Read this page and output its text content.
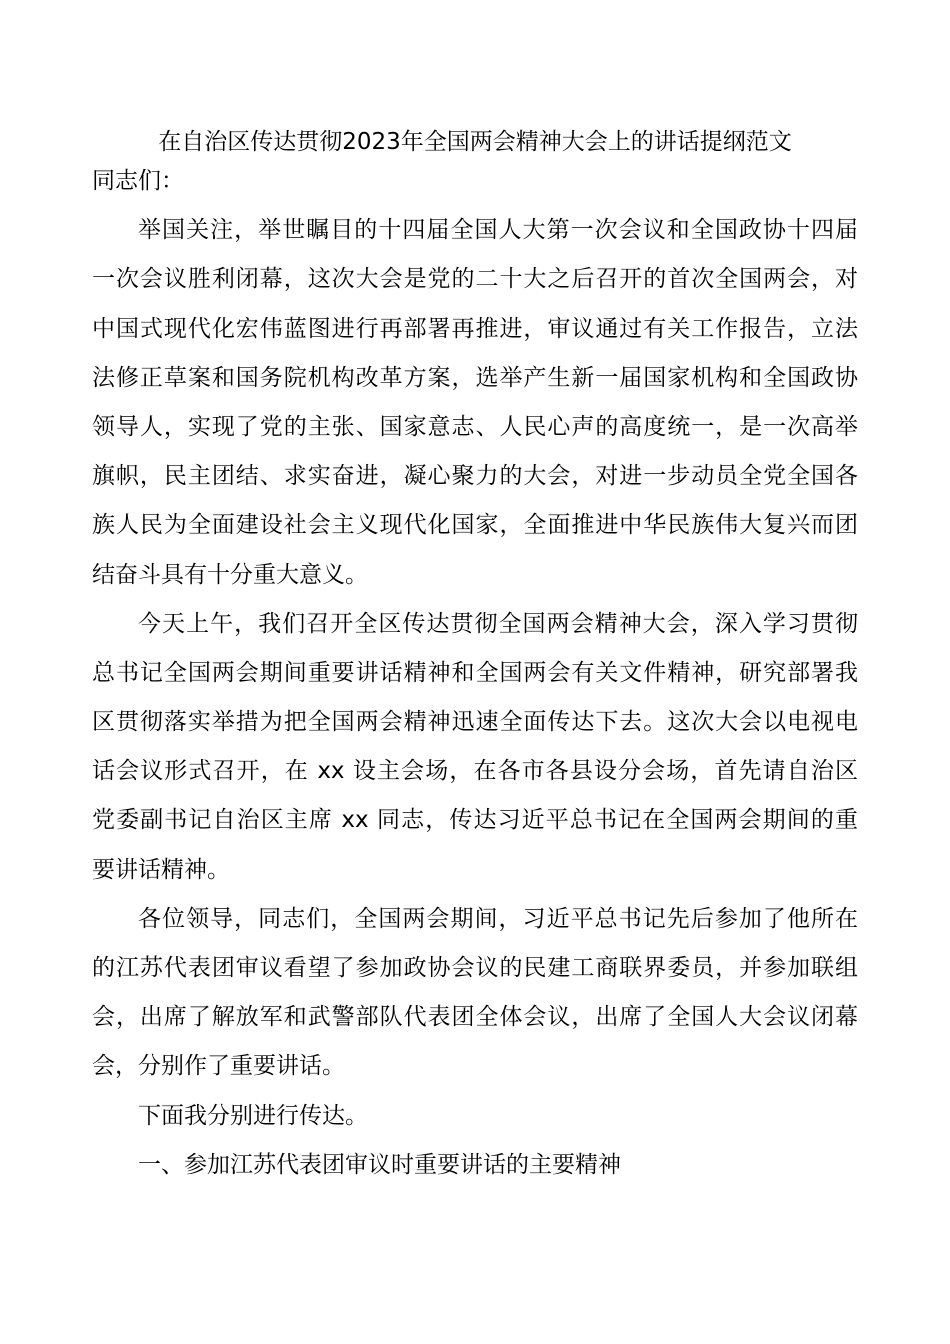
在自治区传达贯彻2023年全国两会精神大会上的讲话提纲范文
同志们：
举国关注，举世瞩目的十四届全国人大第一次会议和全国政协十四届
一次会议胜利闭幕，这次大会是党的二十大之后召开的首次全国两会，对
中国式现代化宏伟蓝图进行再部署再推进，审议通过有关工作报告，立法
法修正草案和国务院机构改革方案，选举产生新一届国家机构和全国政协
领导人，实现了党的主张、国家意志、人民心声的高度统一，是一次高举
旗帜，民主团结、求实奋进，凝心聚力的大会，对进一步动员全党全国各
族人民为全面建设社会主义现代化国家，全面推进中华民族伟大复兴而团
结奋斗具有十分重大意义。
今天上午，我们召开全区传达贯彻全国两会精神大会，深入学习贯彻
总书记全国两会期间重要讲话精神和全国两会有关文件精神，研究部署我
区贯彻落实举措为把全国两会精神迅速全面传达下去。这次大会以电视电
话会议形式召开，在 xx 设主会场，在各市各县设分会场，首先请自治区
党委副书记自治区主席 xx 同志，传达习近平总书记在全国两会期间的重
要讲话精神。
各位领导，同志们，全国两会期间，习近平总书记先后参加了他所在
的江苏代表团审议看望了参加政协会议的民建工商联界委员，并参加联组
会，出席了解放军和武警部队代表团全体会议，出席了全国人大会议闭幕
会，分别作了重要讲话。
下面我分别进行传达。
一、参加江苏代表团审议时重要讲话的主要精神
